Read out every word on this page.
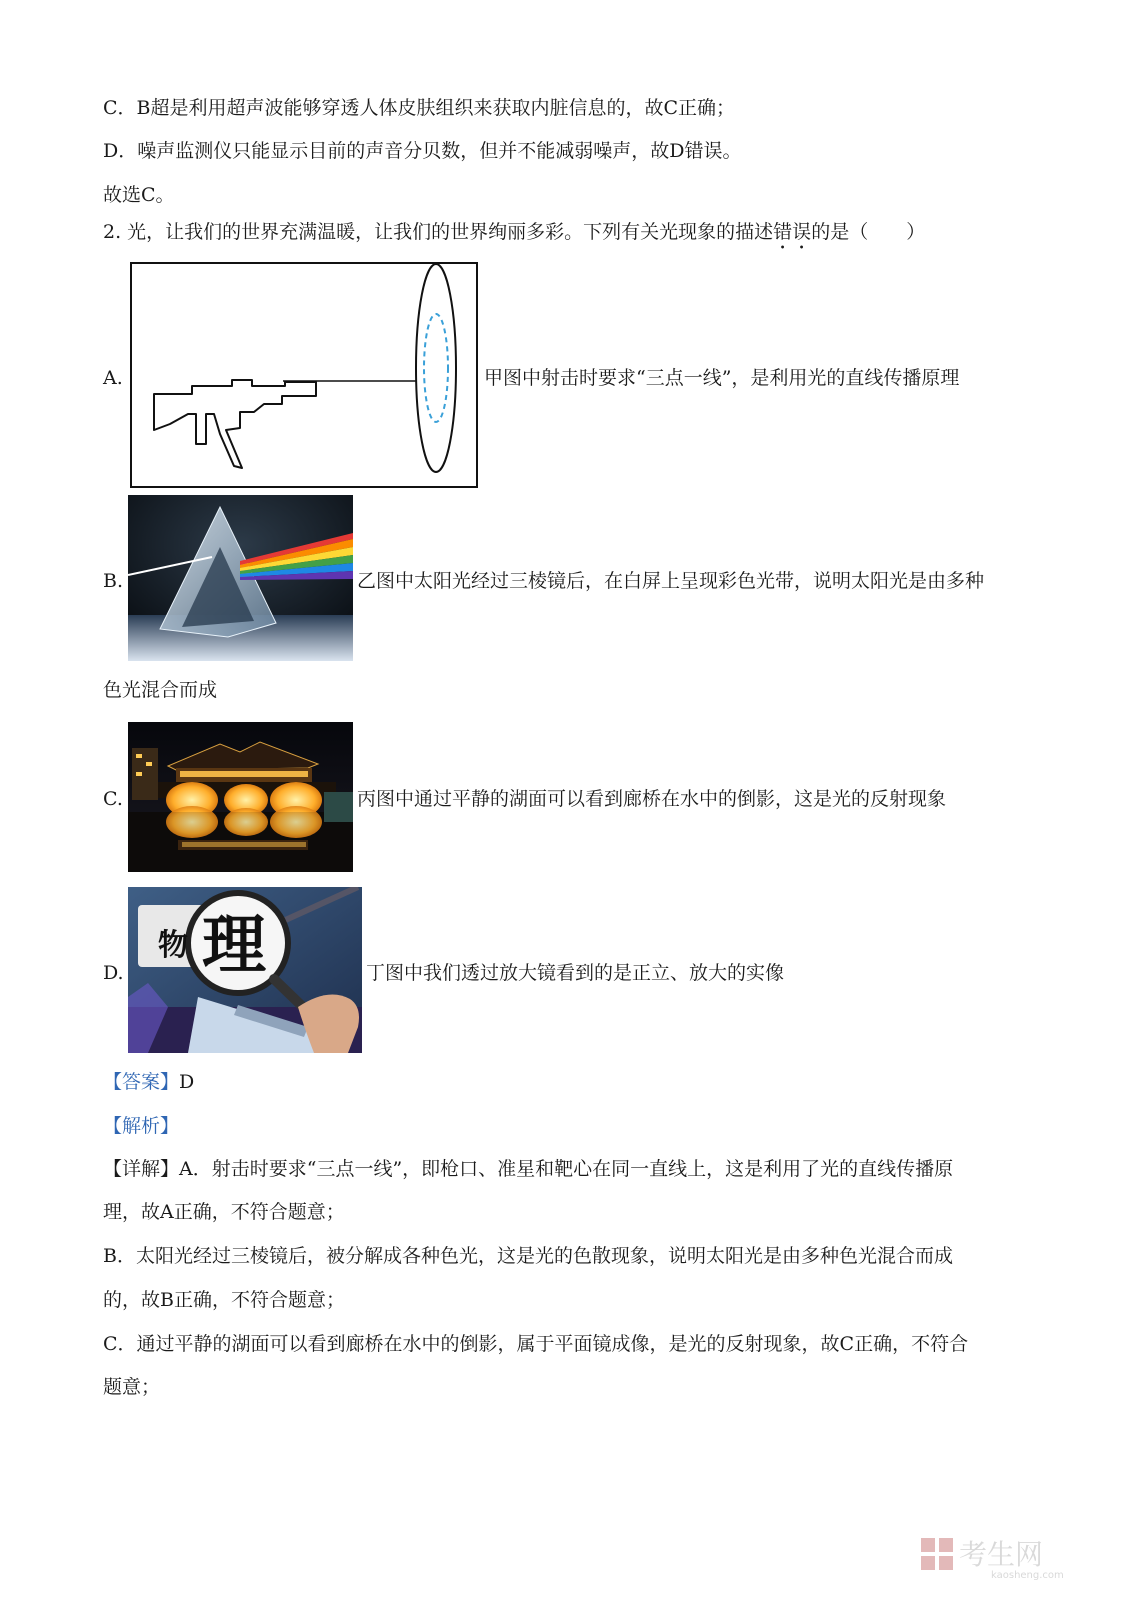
C．B超是利用超声波能够穿透人体皮肤组织来获取内脏信息的，故C正确；
D．噪声监测仪只能显示目前的声音分贝数，但并不能减弱噪声，故D错误。
故选C。
2. 光，让我们的世界充满温暖，让我们的世界绚丽多彩。下列有关光现象的描述错误的是（　　）
A.	甲图中射击时要求“三点一线”，是利用光的直线传播原理
B.	乙图中太阳光经过三棱镜后，在白屏上呈现彩色光带，说明太阳光是由多种
色光混合而成
C.	丙图中通过平静的湖面可以看到廊桥在水中的倒影，这是光的反射现象
D.
物 理	丁图中我们透过放大镜看到的是正立、放大的实像
【答案】D
【解析】
【详解】A．射击时要求“三点一线”，即枪口、准星和靶心在同一直线上，这是利用了光的直线传播原
理，故A正确，不符合题意；
B．太阳光经过三棱镜后，被分解成各种色光，这是光的色散现象，说明太阳光是由多种色光混合而成
的，故B正确，不符合题意；
C．通过平静的湖面可以看到廊桥在水中的倒影，属于平面镜成像，是光的反射现象，故C正确，不符合
题意；
考生网
kaosheng.com
